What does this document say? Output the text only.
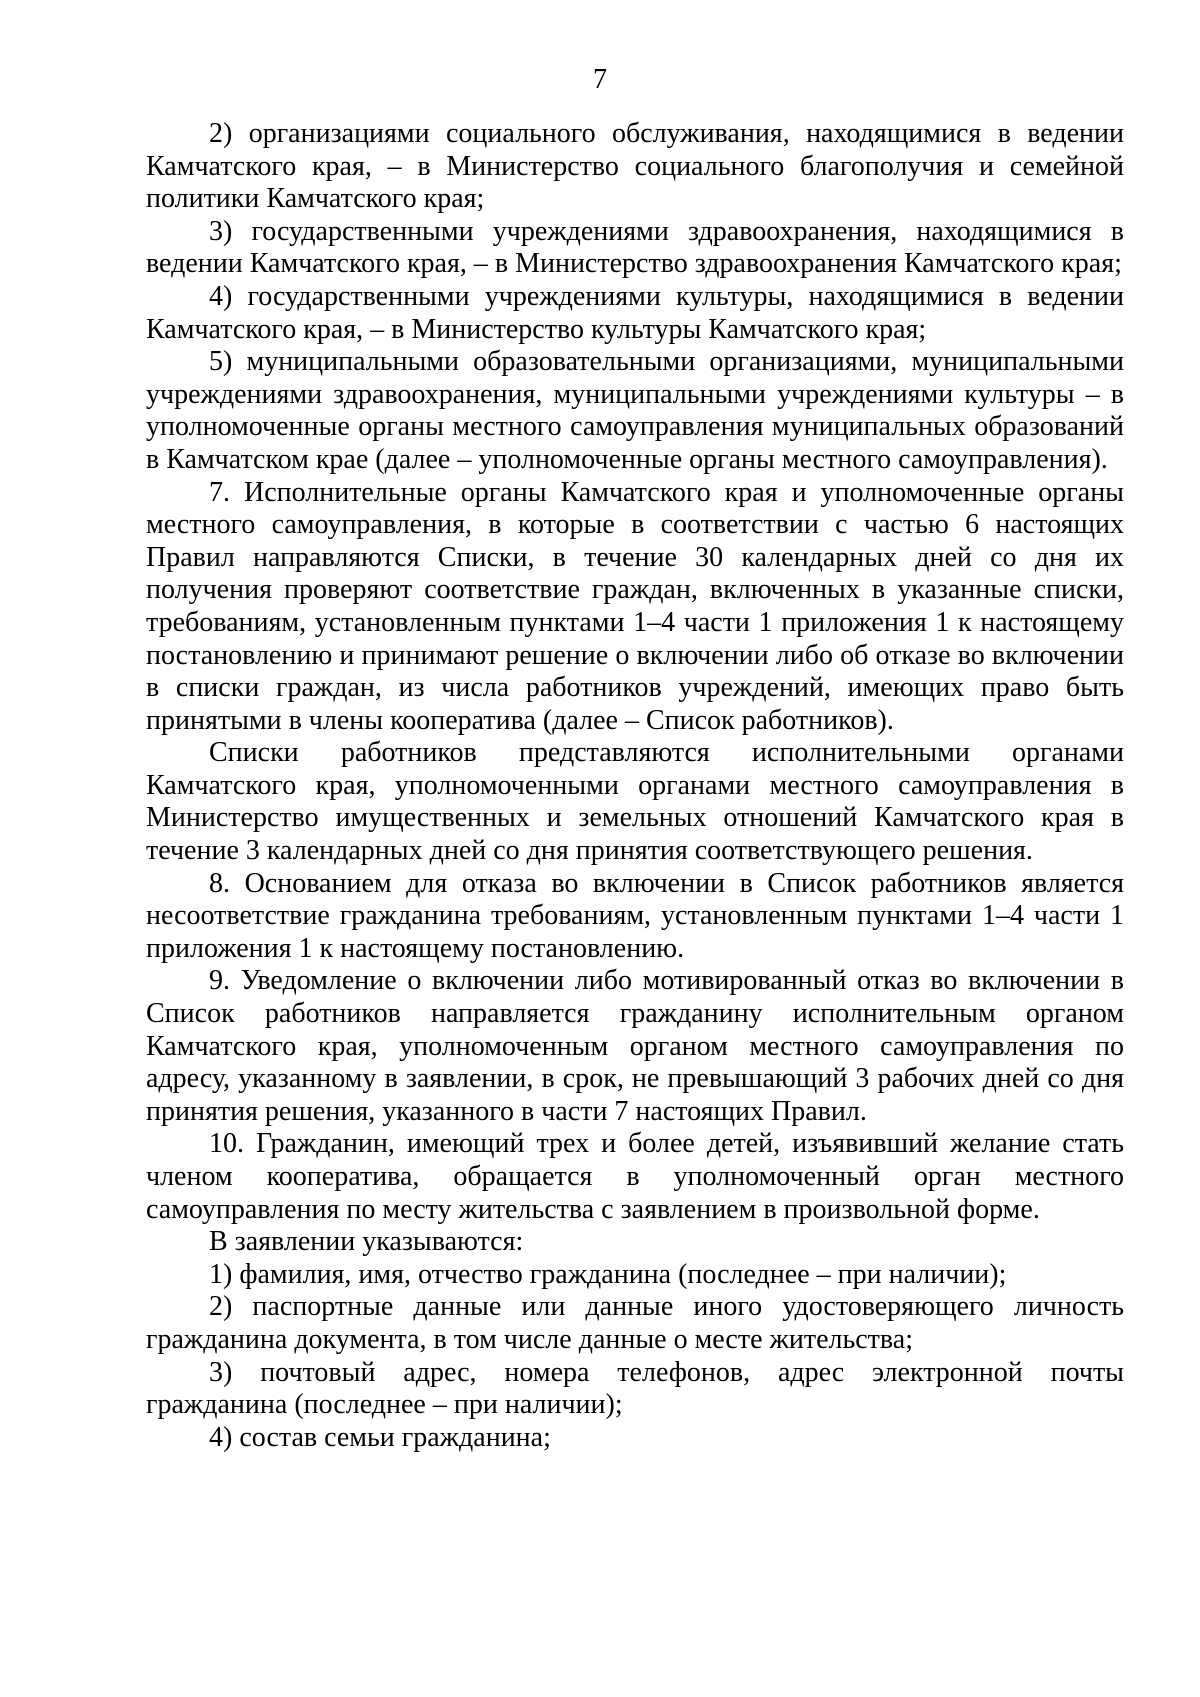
7

2) организациями социального обслуживания, находящимися в ведении Камчатского края, – в Министерство социального благополучия и семейной политики Камчатского края;

3) государственными учреждениями здравоохранения, находящимися в ведении Камчатского края, – в Министерство здравоохранения Камчатского края;

4) государственными учреждениями культуры, находящимися в ведении Камчатского края, – в Министерство культуры Камчатского края;

5) муниципальными образовательными организациями, муниципальными учреждениями здравоохранения, муниципальными учреждениями культуры – в уполномоченные органы местного самоуправления муниципальных образований в Камчатском крае (далее – уполномоченные органы местного самоуправления).

7. Исполнительные органы Камчатского края и уполномоченные органы местного самоуправления, в которые в соответствии с частью 6 настоящих Правил направляются Списки, в течение 30 календарных дней со дня их получения проверяют соответствие граждан, включенных в указанные списки, требованиям, установленным пунктами 1–4 части 1 приложения 1 к настоящему постановлению и принимают решение о включении либо об отказе во включении в списки граждан, из числа работников учреждений, имеющих право быть принятыми в члены кооператива (далее – Список работников).

Списки работников представляются исполнительными органами Камчатского края, уполномоченными органами местного самоуправления в Министерство имущественных и земельных отношений Камчатского края в течение 3 календарных дней со дня принятия соответствующего решения.

8. Основанием для отказа во включении в Список работников является несоответствие гражданина требованиям, установленным пунктами 1–4 части 1 приложения 1 к настоящему постановлению.

9. Уведомление о включении либо мотивированный отказ во включении в Список работников направляется гражданину исполнительным органом Камчатского края, уполномоченным органом местного самоуправления по адресу, указанному в заявлении, в срок, не превышающий 3 рабочих дней со дня принятия решения, указанного в части 7 настоящих Правил.

10. Гражданин, имеющий трех и более детей, изъявивший желание стать членом кооператива, обращается в уполномоченный орган местного самоуправления по месту жительства с заявлением в произвольной форме.

В заявлении указываются:

1) фамилия, имя, отчество гражданина (последнее – при наличии);

2) паспортные данные или данные иного удостоверяющего личность гражданина документа, в том числе данные о месте жительства;

3) почтовый адрес, номера телефонов, адрес электронной почты гражданина (последнее – при наличии);

4) состав семьи гражданина;
